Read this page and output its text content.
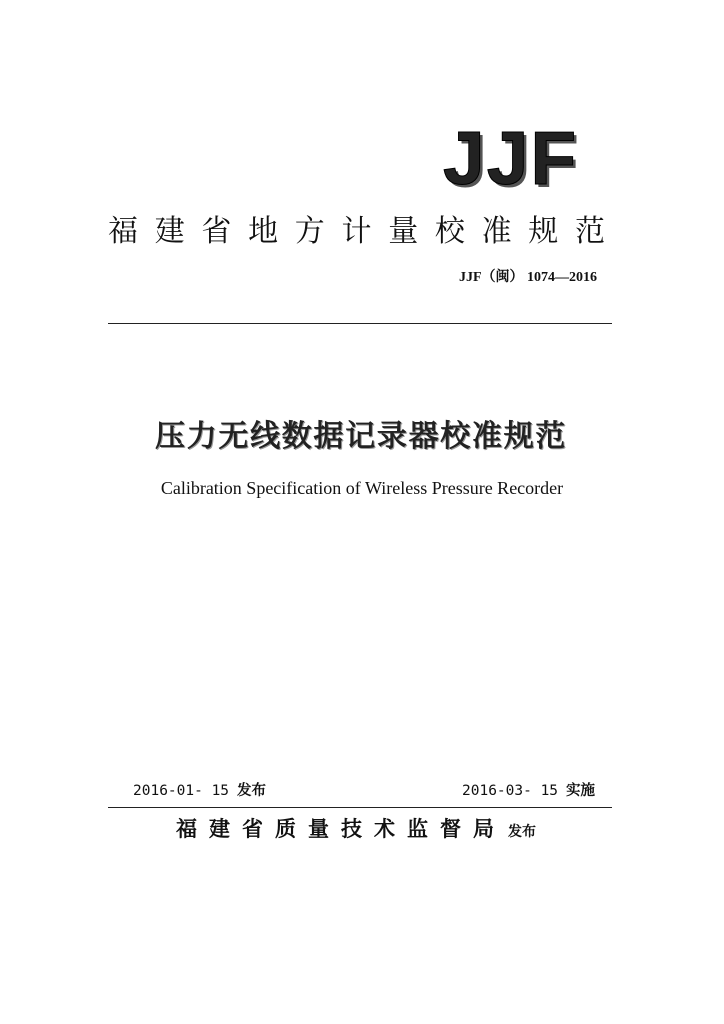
JJF
福建省地方计量校准规范
JJF（闽） 1074—2016
压力无线数据记录器校准规范
Calibration Specification of Wireless Pressure Recorder
2016-01- 15 发布	2016-03- 15 实施
福建省质量技术监督局 发布
